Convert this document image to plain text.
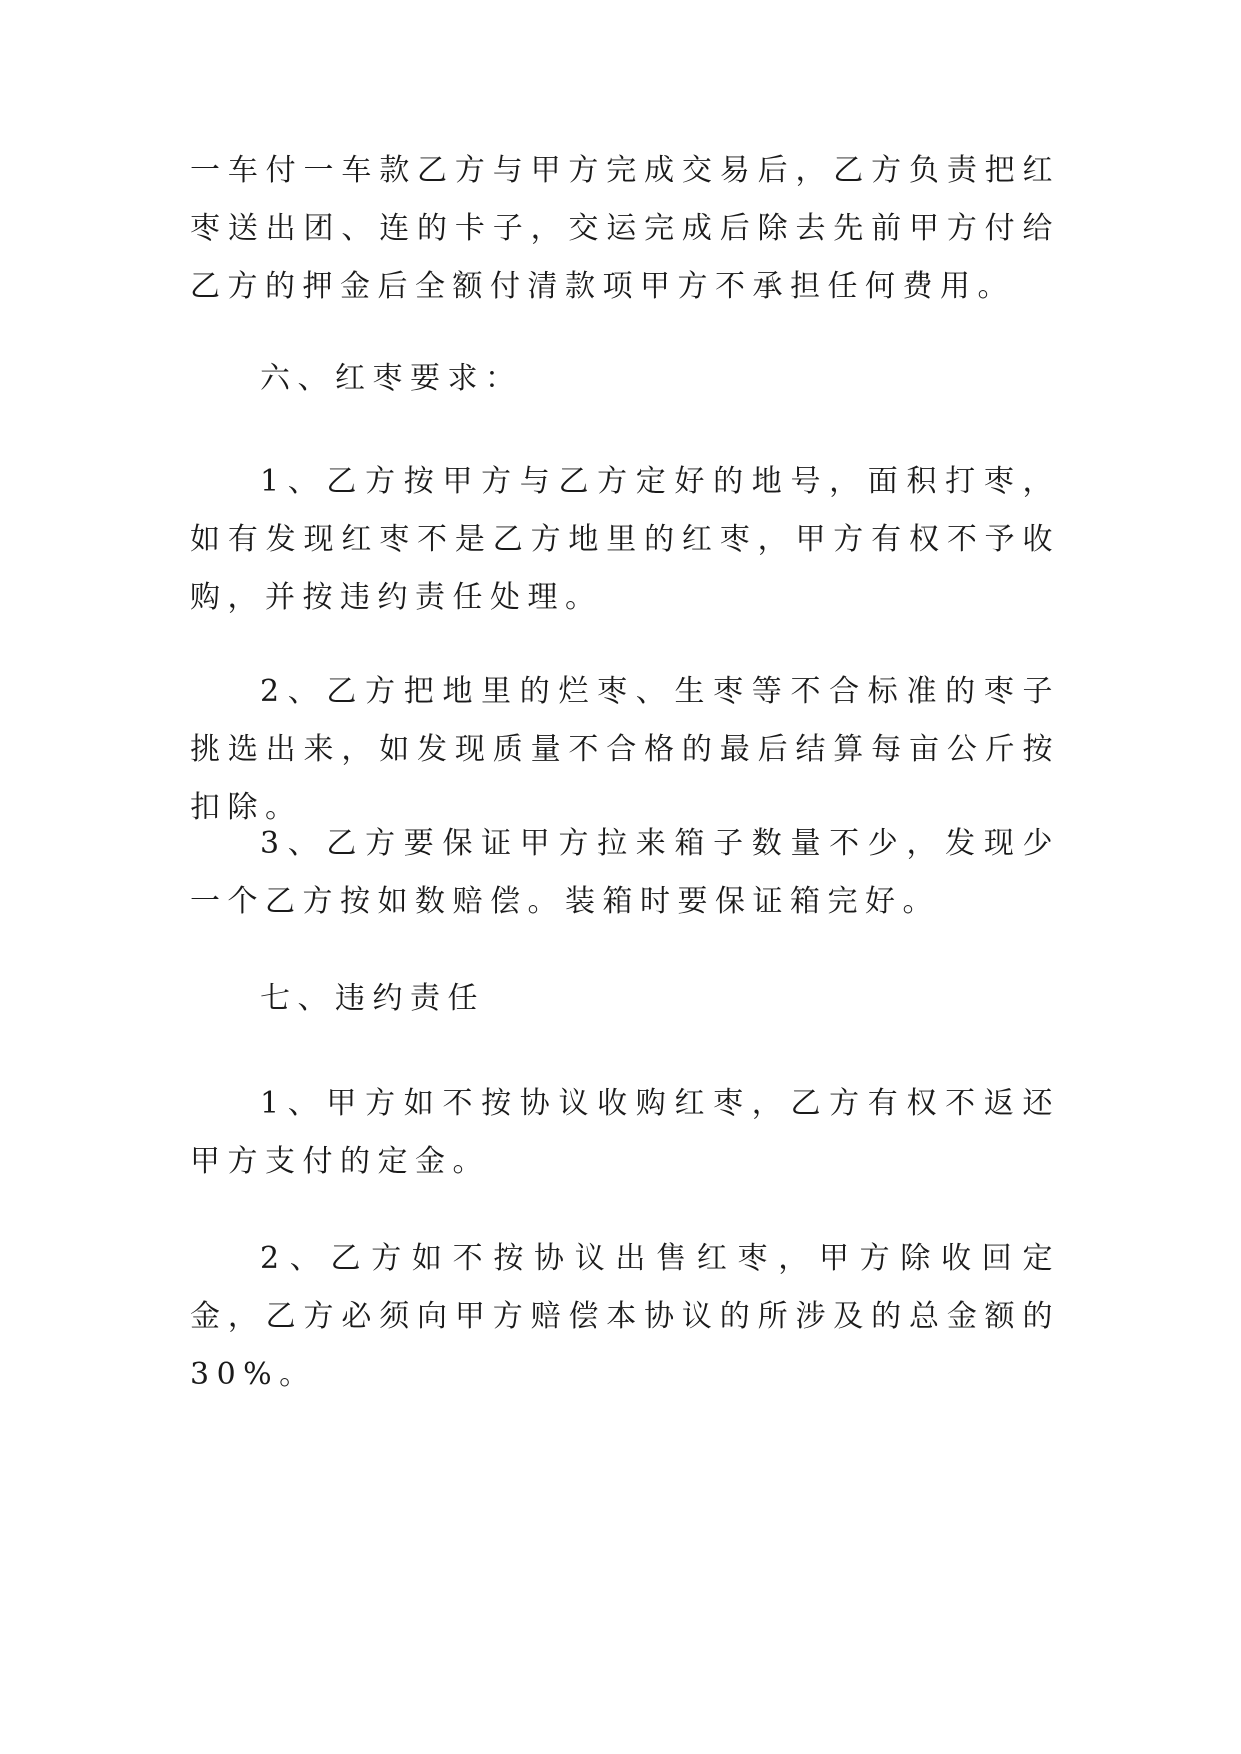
一车付一车款乙方与甲方完成交易后，乙方负责把红枣送出团、连的卡子，交运完成后除去先前甲方付给乙方的押金后全额付清款项甲方不承担任何费用。

六、红枣要求：

1、乙方按甲方与乙方定好的地号，面积打枣，如有发现红枣不是乙方地里的红枣，甲方有权不予收购，并按违约责任处理。

2、乙方把地里的烂枣、生枣等不合标准的枣子挑选出来，如发现质量不合格的最后结算每亩公斤按扣除。

3、乙方要保证甲方拉来箱子数量不少，发现少一个乙方按如数赔偿。装箱时要保证箱完好。

七、违约责任

1、甲方如不按协议收购红枣，乙方有权不返还甲方支付的定金。

2、乙方如不按协议出售红枣，甲方除收回定金，乙方必须向甲方赔偿本协议的所涉及的总金额的30%。
